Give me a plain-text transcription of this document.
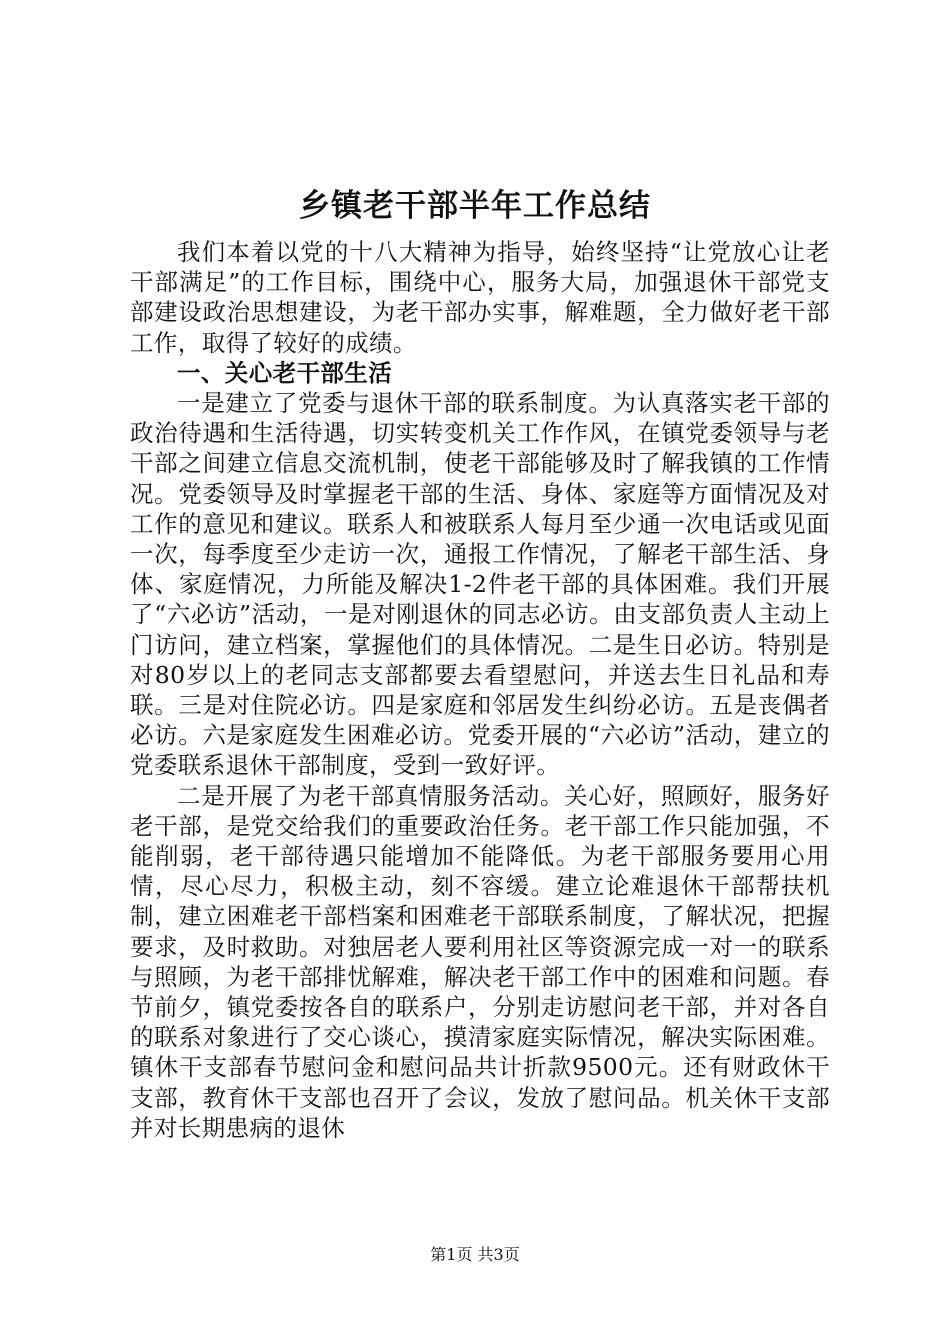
乡镇老干部半年工作总结

我们本着以党的十八大精神为指导，始终坚持“让党放心让老干部满足”的工作目标，围绕中心，服务大局，加强退休干部党支部建设政治思想建设，为老干部办实事，解难题，全力做好老干部工作，取得了较好的成绩。

一、关心老干部生活

一是建立了党委与退休干部的联系制度。为认真落实老干部的政治待遇和生活待遇，切实转变机关工作作风，在镇党委领导与老干部之间建立信息交流机制，使老干部能够及时了解我镇的工作情况。党委领导及时掌握老干部的生活、身体、家庭等方面情况及对工作的意见和建议。联系人和被联系人每月至少通一次电话或见面一次，每季度至少走访一次，通报工作情况，了解老干部生活、身体、家庭情况，力所能及解决1-2件老干部的具体困难。我们开展了“六必访”活动，一是对刚退休的同志必访。由支部负责人主动上门访问，建立档案，掌握他们的具体情况。二是生日必访。特别是对80岁以上的老同志支部都要去看望慰问，并送去生日礼品和寿联。三是对住院必访。四是家庭和邻居发生纠纷必访。五是丧偶者必访。六是家庭发生困难必访。党委开展的“六必访”活动，建立的党委联系退休干部制度，受到一致好评。

二是开展了为老干部真情服务活动。关心好，照顾好，服务好老干部，是党交给我们的重要政治任务。老干部工作只能加强，不能削弱，老干部待遇只能增加不能降低。为老干部服务要用心用情，尽心尽力，积极主动，刻不容缓。建立论难退休干部帮扶机制，建立困难老干部档案和困难老干部联系制度，了解状况，把握要求，及时救助。对独居老人要利用社区等资源完成一对一的联系与照顾，为老干部排忧解难，解决老干部工作中的困难和问题。春节前夕，镇党委按各自的联系户，分别走访慰问老干部，并对各自的联系对象进行了交心谈心，摸清家庭实际情况，解决实际困难。镇休干支部春节慰问金和慰问品共计折款9500元。还有财政休干支部，教育休干支部也召开了会议，发放了慰问品。机关休干支部并对长期患病的退休

第1页 共3页
